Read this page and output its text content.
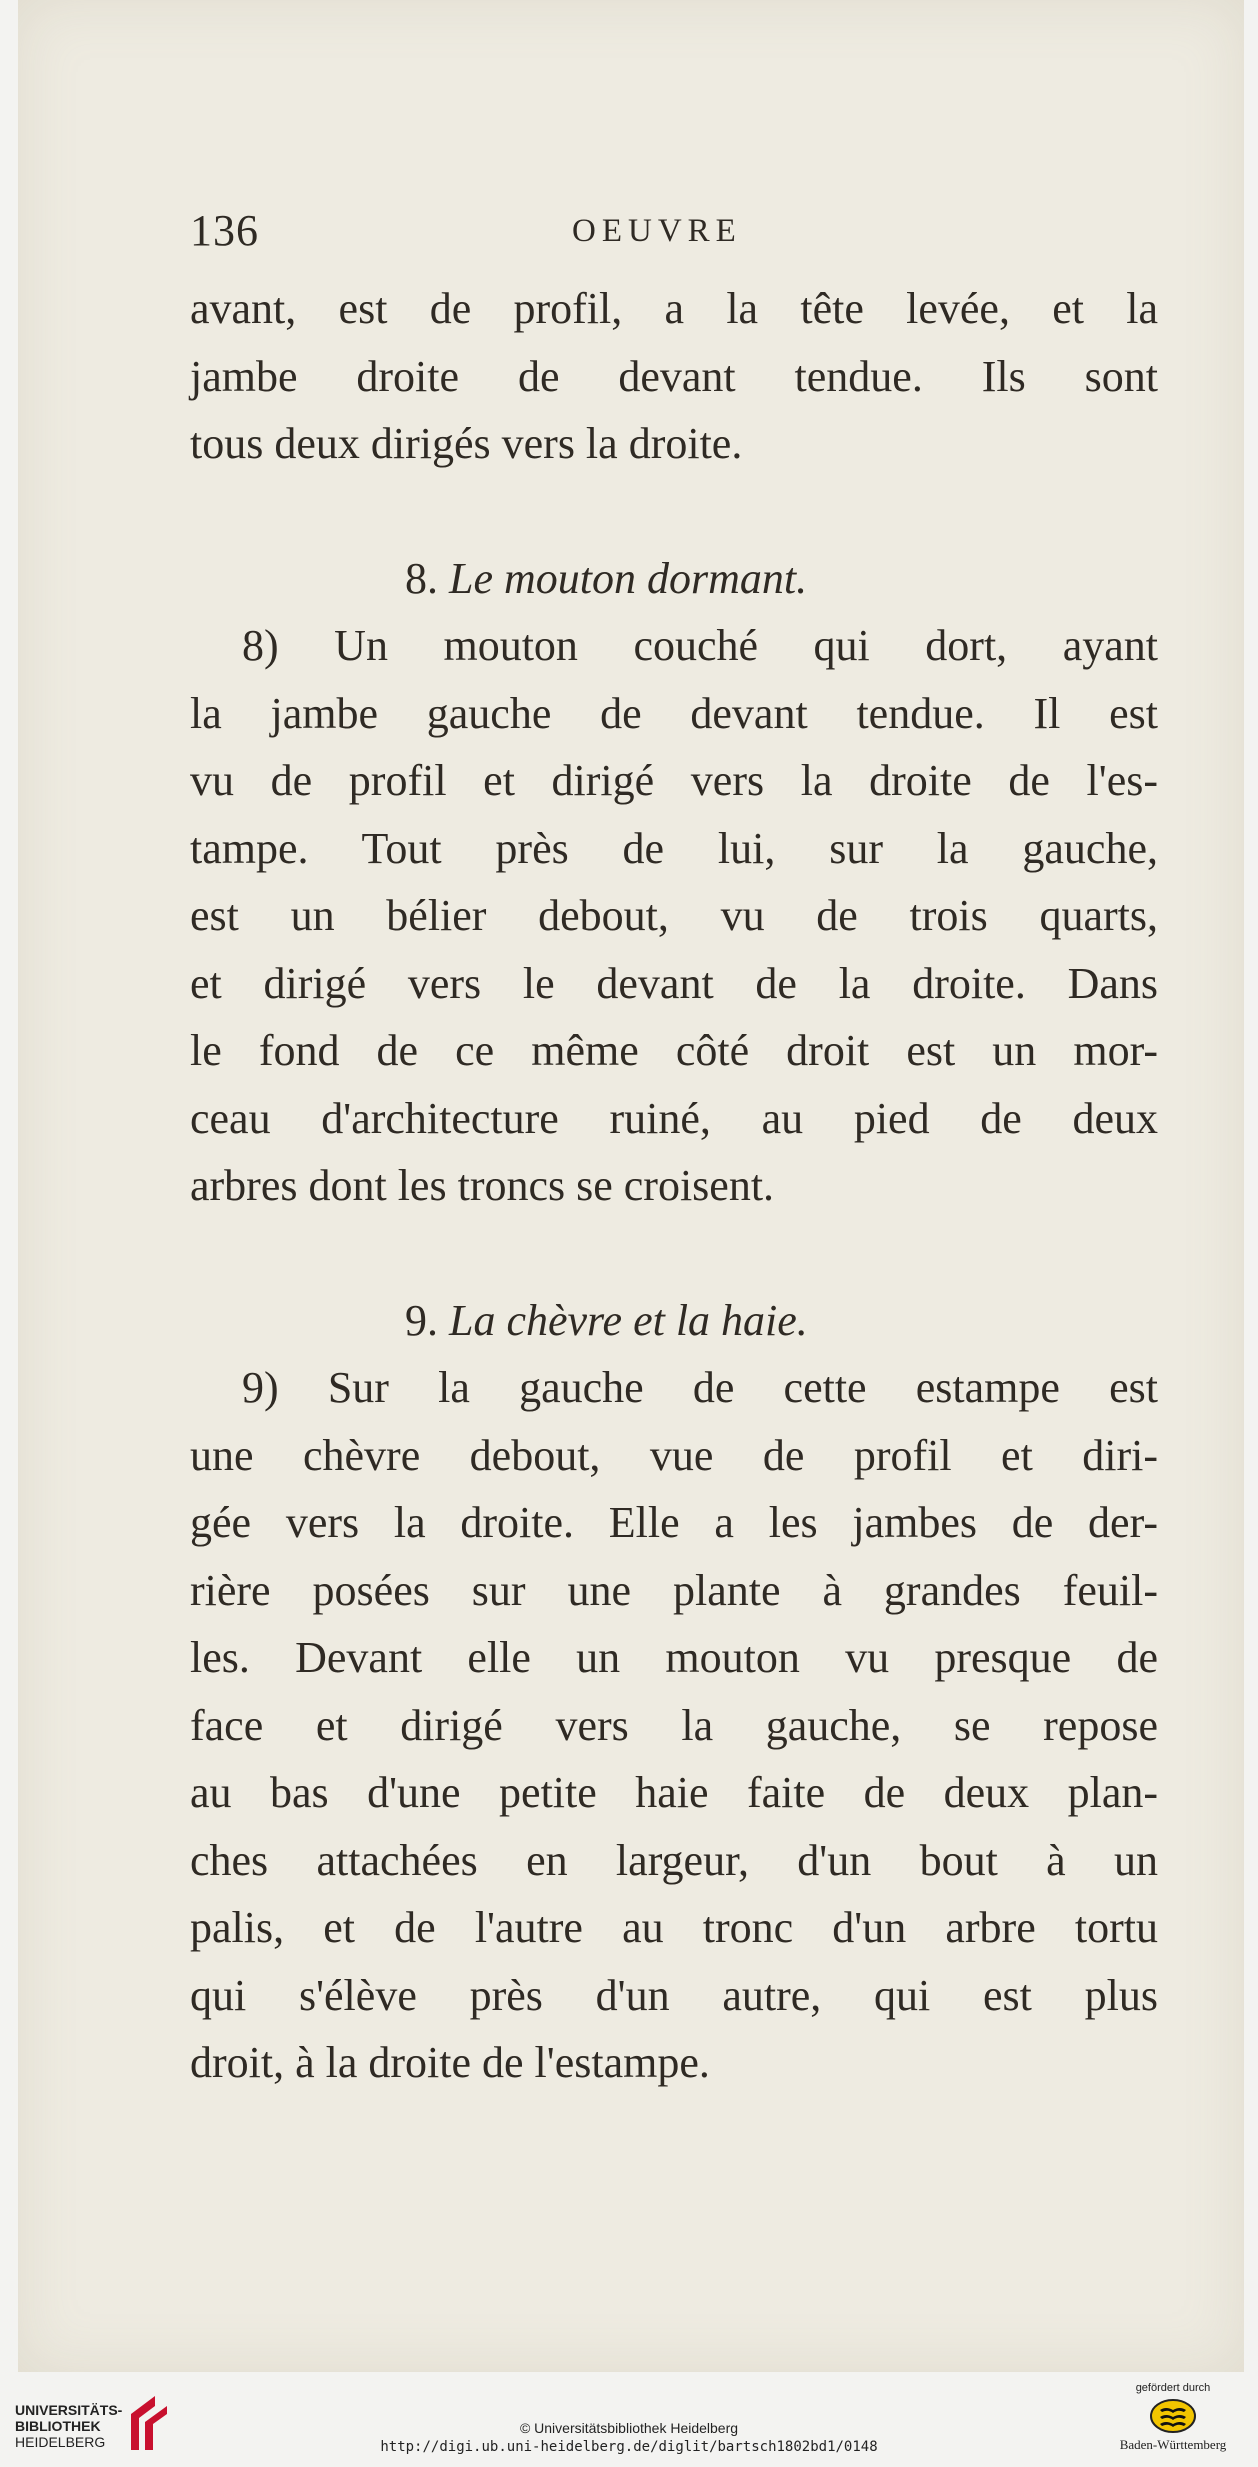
136	OEUVRE
avant, est de profil, a la tête levée, et la
jambe droite de devant tendue. Ils sont
tous deux dirigés vers la droite.
8. Le mouton dormant.
8) Un mouton couché qui dort, ayant
la jambe gauche de devant tendue. Il est
vu de profil et dirigé vers la droite de l'es-
tampe. Tout près de lui, sur la gauche,
est un bélier debout, vu de trois quarts,
et dirigé vers le devant de la droite. Dans
le fond de ce même côté droit est un mor-
ceau d'architecture ruiné, au pied de deux
arbres dont les troncs se croisent.
9. La chèvre et la haie.
9) Sur la gauche de cette estampe est
une chèvre debout, vue de profil et diri-
gée vers la droite. Elle a les jambes de der-
rière posées sur une plante à grandes feuil-
les. Devant elle un mouton vu presque de
face et dirigé vers la gauche, se repose
au bas d'une petite haie faite de deux plan-
ches attachées en largeur, d'un bout à un
palis, et de l'autre au tronc d'un arbre tortu
qui s'élève près d'un autre, qui est plus
droit, à la droite de l'estampe.
UNIVERSITÄTS-
BIBLIOTHEK
HEIDELBERG
© Universitätsbibliothek Heidelberg
http://digi.ub.uni-heidelberg.de/diglit/bartsch1802bd1/0148
gefördert durch
Baden-Württemberg
